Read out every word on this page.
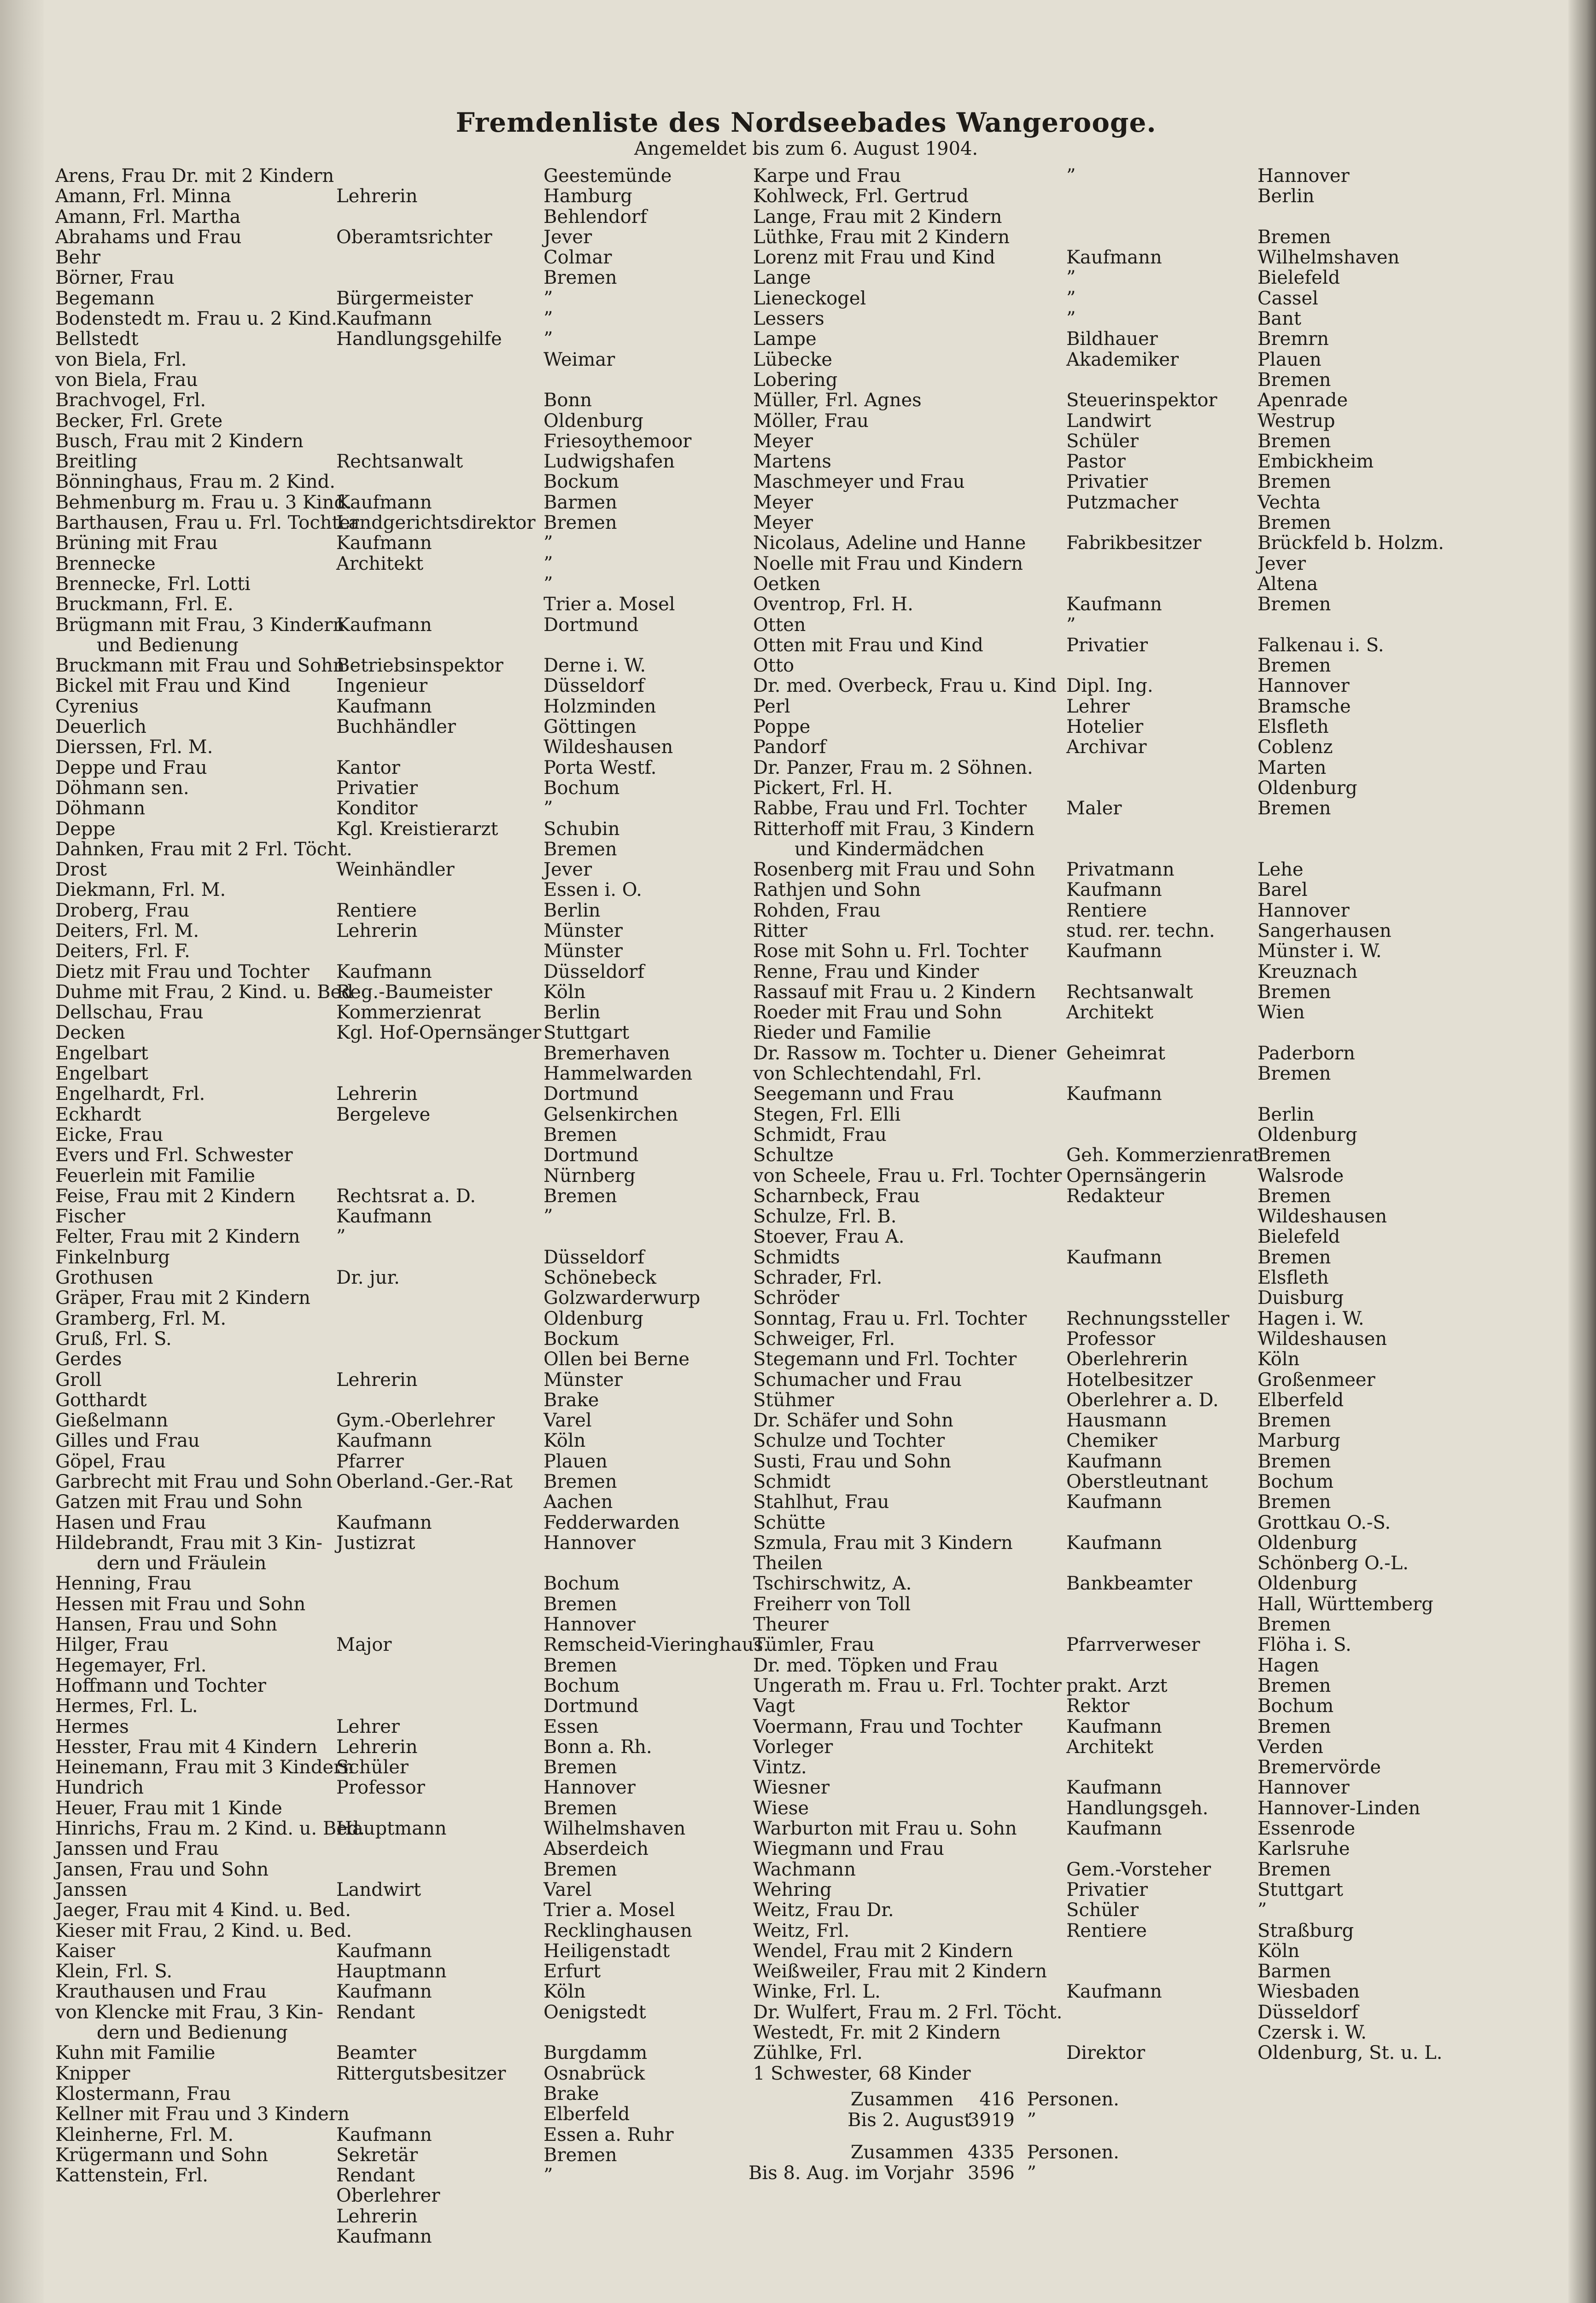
Fremdenliste des Nordseebades Wangerooge.
Angemeldet bis zum 6. August 1904.
Arens, Frau Dr. mit 2 Kindern
Amann, Frl. Minna
Amann, Frl. Martha
Abrahams und Frau
Behr
Börner, Frau
Begemann
Bodenstedt m. Frau u. 2 Kind.
Bellstedt
von Biela, Frl.
von Biela, Frau
Brachvogel, Frl.
Becker, Frl. Grete
Busch, Frau mit 2 Kindern
Breitling
Bönninghaus, Frau m. 2 Kind.
Behmenburg m. Frau u. 3 Kind.
Barthausen, Frau u. Frl. Tochter
Brüning mit Frau
Brennecke
Brennecke, Frl. Lotti
Bruckmann, Frl. E.
Brügmann mit Frau, 3 Kindern
und Bedienung
Bruckmann mit Frau und Sohn
Bickel mit Frau und Kind
Cyrenius
Deuerlich
Dierssen, Frl. M.
Deppe und Frau
Döhmann sen.
Döhmann
Deppe
Dahnken, Frau mit 2 Frl. Töcht.
Drost
Diekmann, Frl. M.
Droberg, Frau
Deiters, Frl. M.
Deiters, Frl. F.
Dietz mit Frau und Tochter
Duhme mit Frau, 2 Kind. u. Bed
Dellschau, Frau
Decken
Engelbart
Engelbart
Engelhardt, Frl.
Eckhardt
Eicke, Frau
Evers und Frl. Schwester
Feuerlein mit Familie
Feise, Frau mit 2 Kindern
Fischer
Felter, Frau mit 2 Kindern
Finkelnburg
Grothusen
Gräper, Frau mit 2 Kindern
Gramberg, Frl. M.
Gruß, Frl. S.
Gerdes
Groll
Gotthardt
Gießelmann
Gilles und Frau
Göpel, Frau
Garbrecht mit Frau und Sohn
Gatzen mit Frau und Sohn
Hasen und Frau
Hildebrandt, Frau mit 3 Kin-
dern und Fräulein
Henning, Frau
Hessen mit Frau und Sohn
Hansen, Frau und Sohn
Hilger, Frau
Hegemayer, Frl.
Hoffmann und Tochter
Hermes, Frl. L.
Hermes
Hesster, Frau mit 4 Kindern
Heinemann, Frau mit 3 Kindern
Hundrich
Heuer, Frau mit 1 Kinde
Hinrichs, Frau m. 2 Kind. u. Bed.
Janssen und Frau
Jansen, Frau und Sohn
Janssen
Jaeger, Frau mit 4 Kind. u. Bed.
Kieser mit Frau, 2 Kind. u. Bed.
Kaiser
Klein, Frl. S.
Krauthausen und Frau
von Klencke mit Frau, 3 Kin-
dern und Bedienung
Kuhn mit Familie
Knipper
Klostermann, Frau
Kellner mit Frau und 3 Kindern
Kleinherne, Frl. M.
Krügermann und Sohn
Kattenstein, Frl.
Lehrerin
Oberamtsrichter
Bürgermeister
Kaufmann
Handlungsgehilfe
Rechtsanwalt
Kaufmann
Landgerichtsdirektor
Kaufmann
Architekt
Kaufmann
Betriebsinspektor
Ingenieur
Kaufmann
Buchhändler
Kantor
Privatier
Konditor
Kgl. Kreistierarzt
Weinhändler
Rentiere
Lehrerin
Kaufmann
Reg.-Baumeister
Kommerzienrat
Kgl. Hof-Opernsänger
Lehrerin
Bergeleve
Rechtsrat a. D.
Kaufmann
”
Dr. jur.
Lehrerin
Gym.-Oberlehrer
Kaufmann
Pfarrer
Oberland.-Ger.-Rat
Kaufmann
Justizrat
Major
Lehrer
Lehrerin
Schüler
Professor
Hauptmann
Landwirt
Kaufmann
Hauptmann
Kaufmann
Rendant
Beamter
Rittergutsbesitzer
Kaufmann
Sekretär
Rendant
Oberlehrer
Lehrerin
Kaufmann
Geestemünde
Hamburg
Behlendorf
Jever
Colmar
Bremen
”
”
”
Weimar
Bonn
Oldenburg
Friesoythemoor
Ludwigshafen
Bockum
Barmen
Bremen
”
”
”
Trier a. Mosel
Dortmund
Derne i. W.
Düsseldorf
Holzminden
Göttingen
Wildeshausen
Porta Westf.
Bochum
”
Schubin
Bremen
Jever
Essen i. O.
Berlin
Münster
Münster
Düsseldorf
Köln
Berlin
Stuttgart
Bremerhaven
Hammelwarden
Dortmund
Gelsenkirchen
Bremen
Dortmund
Nürnberg
Bremen
”
Düsseldorf
Schönebeck
Golzwarderwurp
Oldenburg
Bockum
Ollen bei Berne
Münster
Brake
Varel
Köln
Plauen
Bremen
Aachen
Fedderwarden
Hannover
Bochum
Bremen
Hannover
Remscheid-Vieringhaus.
Bremen
Bochum
Dortmund
Essen
Bonn a. Rh.
Bremen
Hannover
Bremen
Wilhelmshaven
Abserdeich
Bremen
Varel
Trier a. Mosel
Recklinghausen
Heiligenstadt
Erfurt
Köln
Oenigstedt
Burgdamm
Osnabrück
Brake
Elberfeld
Essen a. Ruhr
Bremen
”
Karpe und Frau
Kohlweck, Frl. Gertrud
Lange, Frau mit 2 Kindern
Lüthke, Frau mit 2 Kindern
Lorenz mit Frau und Kind
Lange
Lieneckogel
Lessers
Lampe
Lübecke
Lobering
Müller, Frl. Agnes
Möller, Frau
Meyer
Martens
Maschmeyer und Frau
Meyer
Meyer
Nicolaus, Adeline und Hanne
Noelle mit Frau und Kindern
Oetken
Oventrop, Frl. H.
Otten
Otten mit Frau und Kind
Otto
Dr. med. Overbeck, Frau u. Kind
Perl
Poppe
Pandorf
Dr. Panzer, Frau m. 2 Söhnen.
Pickert, Frl. H.
Rabbe, Frau und Frl. Tochter
Ritterhoff mit Frau, 3 Kindern
und Kindermädchen
Rosenberg mit Frau und Sohn
Rathjen und Sohn
Rohden, Frau
Ritter
Rose mit Sohn u. Frl. Tochter
Renne, Frau und Kinder
Rassauf mit Frau u. 2 Kindern
Roeder mit Frau und Sohn
Rieder und Familie
Dr. Rassow m. Tochter u. Diener
von Schlechtendahl, Frl.
Seegemann und Frau
Stegen, Frl. Elli
Schmidt, Frau
Schultze
von Scheele, Frau u. Frl. Tochter
Scharnbeck, Frau
Schulze, Frl. B.
Stoever, Frau A.
Schmidts
Schrader, Frl.
Schröder
Sonntag, Frau u. Frl. Tochter
Schweiger, Frl.
Stegemann und Frl. Tochter
Schumacher und Frau
Stühmer
Dr. Schäfer und Sohn
Schulze und Tochter
Susti, Frau und Sohn
Schmidt
Stahlhut, Frau
Schütte
Szmula, Frau mit 3 Kindern
Theilen
Tschirschwitz, A.
Freiherr von Toll
Theurer
Tümler, Frau
Dr. med. Töpken und Frau
Ungerath m. Frau u. Frl. Tochter
Vagt
Voermann, Frau und Tochter
Vorleger
Vintz.
Wiesner
Wiese
Warburton mit Frau u. Sohn
Wiegmann und Frau
Wachmann
Wehring
Weitz, Frau Dr.
Weitz, Frl.
Wendel, Frau mit 2 Kindern
Weißweiler, Frau mit 2 Kindern
Winke, Frl. L.
Dr. Wulfert, Frau m. 2 Frl. Töcht.
Westedt, Fr. mit 2 Kindern
Zühlke, Frl.
1 Schwester, 68 Kinder
”
Kaufmann
”
”
”
Bildhauer
Akademiker
Steuerinspektor
Landwirt
Schüler
Pastor
Privatier
Putzmacher
Fabrikbesitzer
Kaufmann
”
Privatier
Dipl. Ing.
Lehrer
Hotelier
Archivar
Maler
Privatmann
Kaufmann
Rentiere
stud. rer. techn.
Kaufmann
Rechtsanwalt
Architekt
Geheimrat
Kaufmann
Geh. Kommerzienrat
Opernsängerin
Redakteur
Kaufmann
Rechnungssteller
Professor
Oberlehrerin
Hotelbesitzer
Oberlehrer a. D.
Hausmann
Chemiker
Kaufmann
Oberstleutnant
Kaufmann
Kaufmann
Bankbeamter
Pfarrverweser
prakt. Arzt
Rektor
Kaufmann
Architekt
Kaufmann
Handlungsgeh.
Kaufmann
Gem.-Vorsteher
Privatier
Schüler
Rentiere
Kaufmann
Direktor
Hannover
Berlin
Bremen
Wilhelmshaven
Bielefeld
Cassel
Bant
Bremrn
Plauen
Bremen
Apenrade
Westrup
Bremen
Embickheim
Bremen
Vechta
Bremen
Brückfeld b. Holzm.
Jever
Altena
Bremen
Falkenau i. S.
Bremen
Hannover
Bramsche
Elsfleth
Coblenz
Marten
Oldenburg
Bremen
Lehe
Barel
Hannover
Sangerhausen
Münster i. W.
Kreuznach
Bremen
Wien
Paderborn
Bremen
Berlin
Oldenburg
Bremen
Walsrode
Bremen
Wildeshausen
Bielefeld
Bremen
Elsfleth
Duisburg
Hagen i. W.
Wildeshausen
Köln
Großenmeer
Elberfeld
Bremen
Marburg
Bremen
Bochum
Bremen
Grottkau O.-S.
Oldenburg
Schönberg O.-L.
Oldenburg
Hall, Württemberg
Bremen
Flöha i. S.
Hagen
Bremen
Bochum
Bremen
Verden
Bremervörde
Hannover
Hannover-Linden
Essenrode
Karlsruhe
Bremen
Stuttgart
”
Straßburg
Köln
Barmen
Wiesbaden
Düsseldorf
Czersk i. W.
Oldenburg, St. u. L.
Zusammen 416 Personen.
Bis 2. August 3919 ”
Zusammen 4335 Personen.
Bis 8. Aug. im Vorjahr 3596 ”
